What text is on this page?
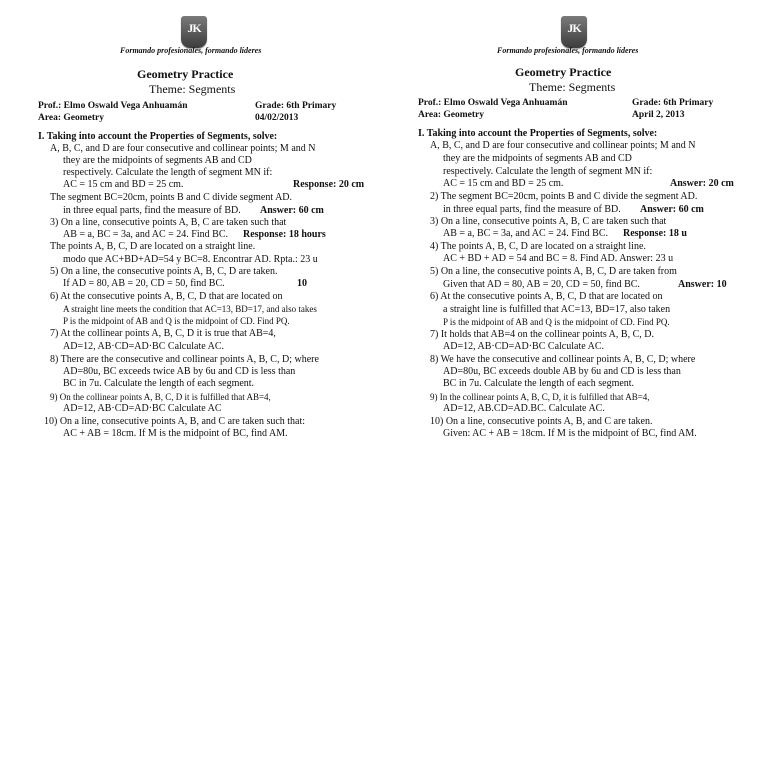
JK
Formando profesionales, formando líderes
Geometry Practice
Theme: Segments
Prof.: Elmo Oswald Vega Anhuamán
Area: Geometry
Grade: 6th Primary
04/02/2013
I. Taking into account the Properties of Segments, solve:
A, B, C, and D are four consecutive and collinear points; M and N
they are the midpoints of segments AB and CD
respectively. Calculate the length of segment MN if:
AC = 15 cm and BD = 25 cm.	Response: 20 cm
The segment BC=20cm, points B and C divide segment AD.
in three equal parts, find the measure of BD. Answer: 60 cm
3) On a line, consecutive points A, B, C are taken such that
AB = a, BC = 3a, and AC = 24. Find BC. Response: 18 hours
The points A, B, C, D are located on a straight line.
modo que AC+BD+AD=54 y BC=8. Encontrar AD. Rpta.: 23 u
5) On a line, the consecutive points A, B, C, D are taken.
If AD = 80, AB = 20, CD = 50, find BC.	10
6) At the consecutive points A, B, C, D that are located on
A straight line meets the condition that AC=13, BD=17, and also takes
P is the midpoint of AB and Q is the midpoint of CD. Find PQ.
7) At the collinear points A, B, C, D it is true that AB=4,
AD=12, AB·CD=AD·BC Calculate AC.
8) There are the consecutive and collinear points A, B, C, D; where
AD=80u, BC exceeds twice AB by 6u and CD is less than
BC in 7u. Calculate the length of each segment.
9) On the collinear points A, B, C, D it is fulfilled that AB=4,
AD=12, AB·CD=AD·BC Calculate AC
10) On a line, consecutive points A, B, and C are taken such that:
AC + AB = 18cm. If M is the midpoint of BC, find AM.
JK
Formando profesionales, formando líderes
Geometry Practice
Theme: Segments
Prof.: Elmo Oswald Vega Anhuamán
Area: Geometry
Grade: 6th Primary
April 2, 2013
I. Taking into account the Properties of Segments, solve:
A, B, C, and D are four consecutive and collinear points; M and N
they are the midpoints of segments AB and CD
respectively. Calculate the length of segment MN if:
AC = 15 cm and BD = 25 cm.	Answer: 20 cm
2) The segment BC=20cm, points B and C divide the segment AD.
in three equal parts, find the measure of BD. Answer: 60 cm
3) On a line, consecutive points A, B, C are taken such that
AB = a, BC = 3a, and AC = 24. Find BC. Response: 18 u
4) The points A, B, C, D are located on a straight line.
AC + BD + AD = 54 and BC = 8. Find AD. Answer: 23 u
5) On a line, the consecutive points A, B, C, D are taken from
Given that AD = 80, AB = 20, CD = 50, find BC.	Answer: 10
6) At the consecutive points A, B, C, D that are located on
a straight line is fulfilled that AC=13, BD=17, also taken
P is the midpoint of AB and Q is the midpoint of CD. Find PQ.
7) It holds that AB=4 on the collinear points A, B, C, D.
AD=12, AB·CD=AD·BC Calculate AC.
8) We have the consecutive and collinear points A, B, C, D; where
AD=80u, BC exceeds double AB by 6u and CD is less than
BC in 7u. Calculate the length of each segment.
9) In the collinear points A, B, C, D, it is fulfilled that AB=4,
AD=12, AB.CD=AD.BC. Calculate AC.
10) On a line, consecutive points A, B, and C are taken.
Given: AC + AB = 18cm. If M is the midpoint of BC, find AM.
